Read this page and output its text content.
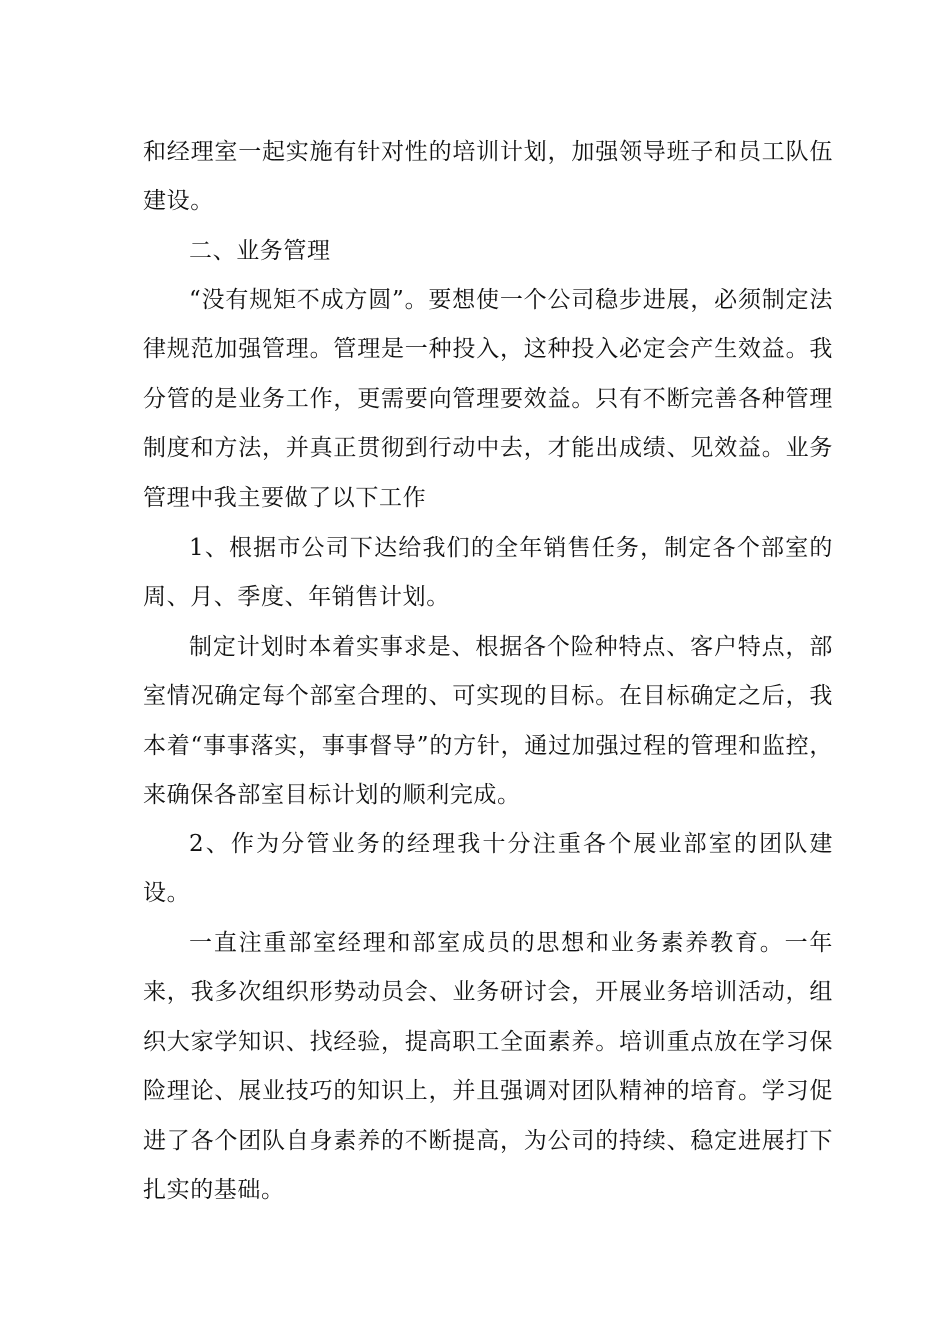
和经理室一起实施有针对性的培训计划，加强领导班子和员工队伍建设。

二、业务管理

“没有规矩不成方圆”。要想使一个公司稳步进展，必须制定法律规范加强管理。管理是一种投入，这种投入必定会产生效益。我分管的是业务工作，更需要向管理要效益。只有不断完善各种管理制度和方法，并真正贯彻到行动中去，才能出成绩、见效益。业务管理中我主要做了以下工作

1、根据市公司下达给我们的全年销售任务，制定各个部室的周、月、季度、年销售计划。

制定计划时本着实事求是、根据各个险种特点、客户特点，部室情况确定每个部室合理的、可实现的目标。在目标确定之后，我本着“事事落实，事事督导”的方针，通过加强过程的管理和监控，来确保各部室目标计划的顺利完成。

2、作为分管业务的经理我十分注重各个展业部室的团队建设。

一直注重部室经理和部室成员的思想和业务素养教育。一年来，我多次组织形势动员会、业务研讨会，开展业务培训活动，组织大家学知识、找经验，提高职工全面素养。培训重点放在学习保险理论、展业技巧的知识上，并且强调对团队精神的培育。学习促进了各个团队自身素养的不断提高，为公司的持续、稳定进展打下扎实的基础。
